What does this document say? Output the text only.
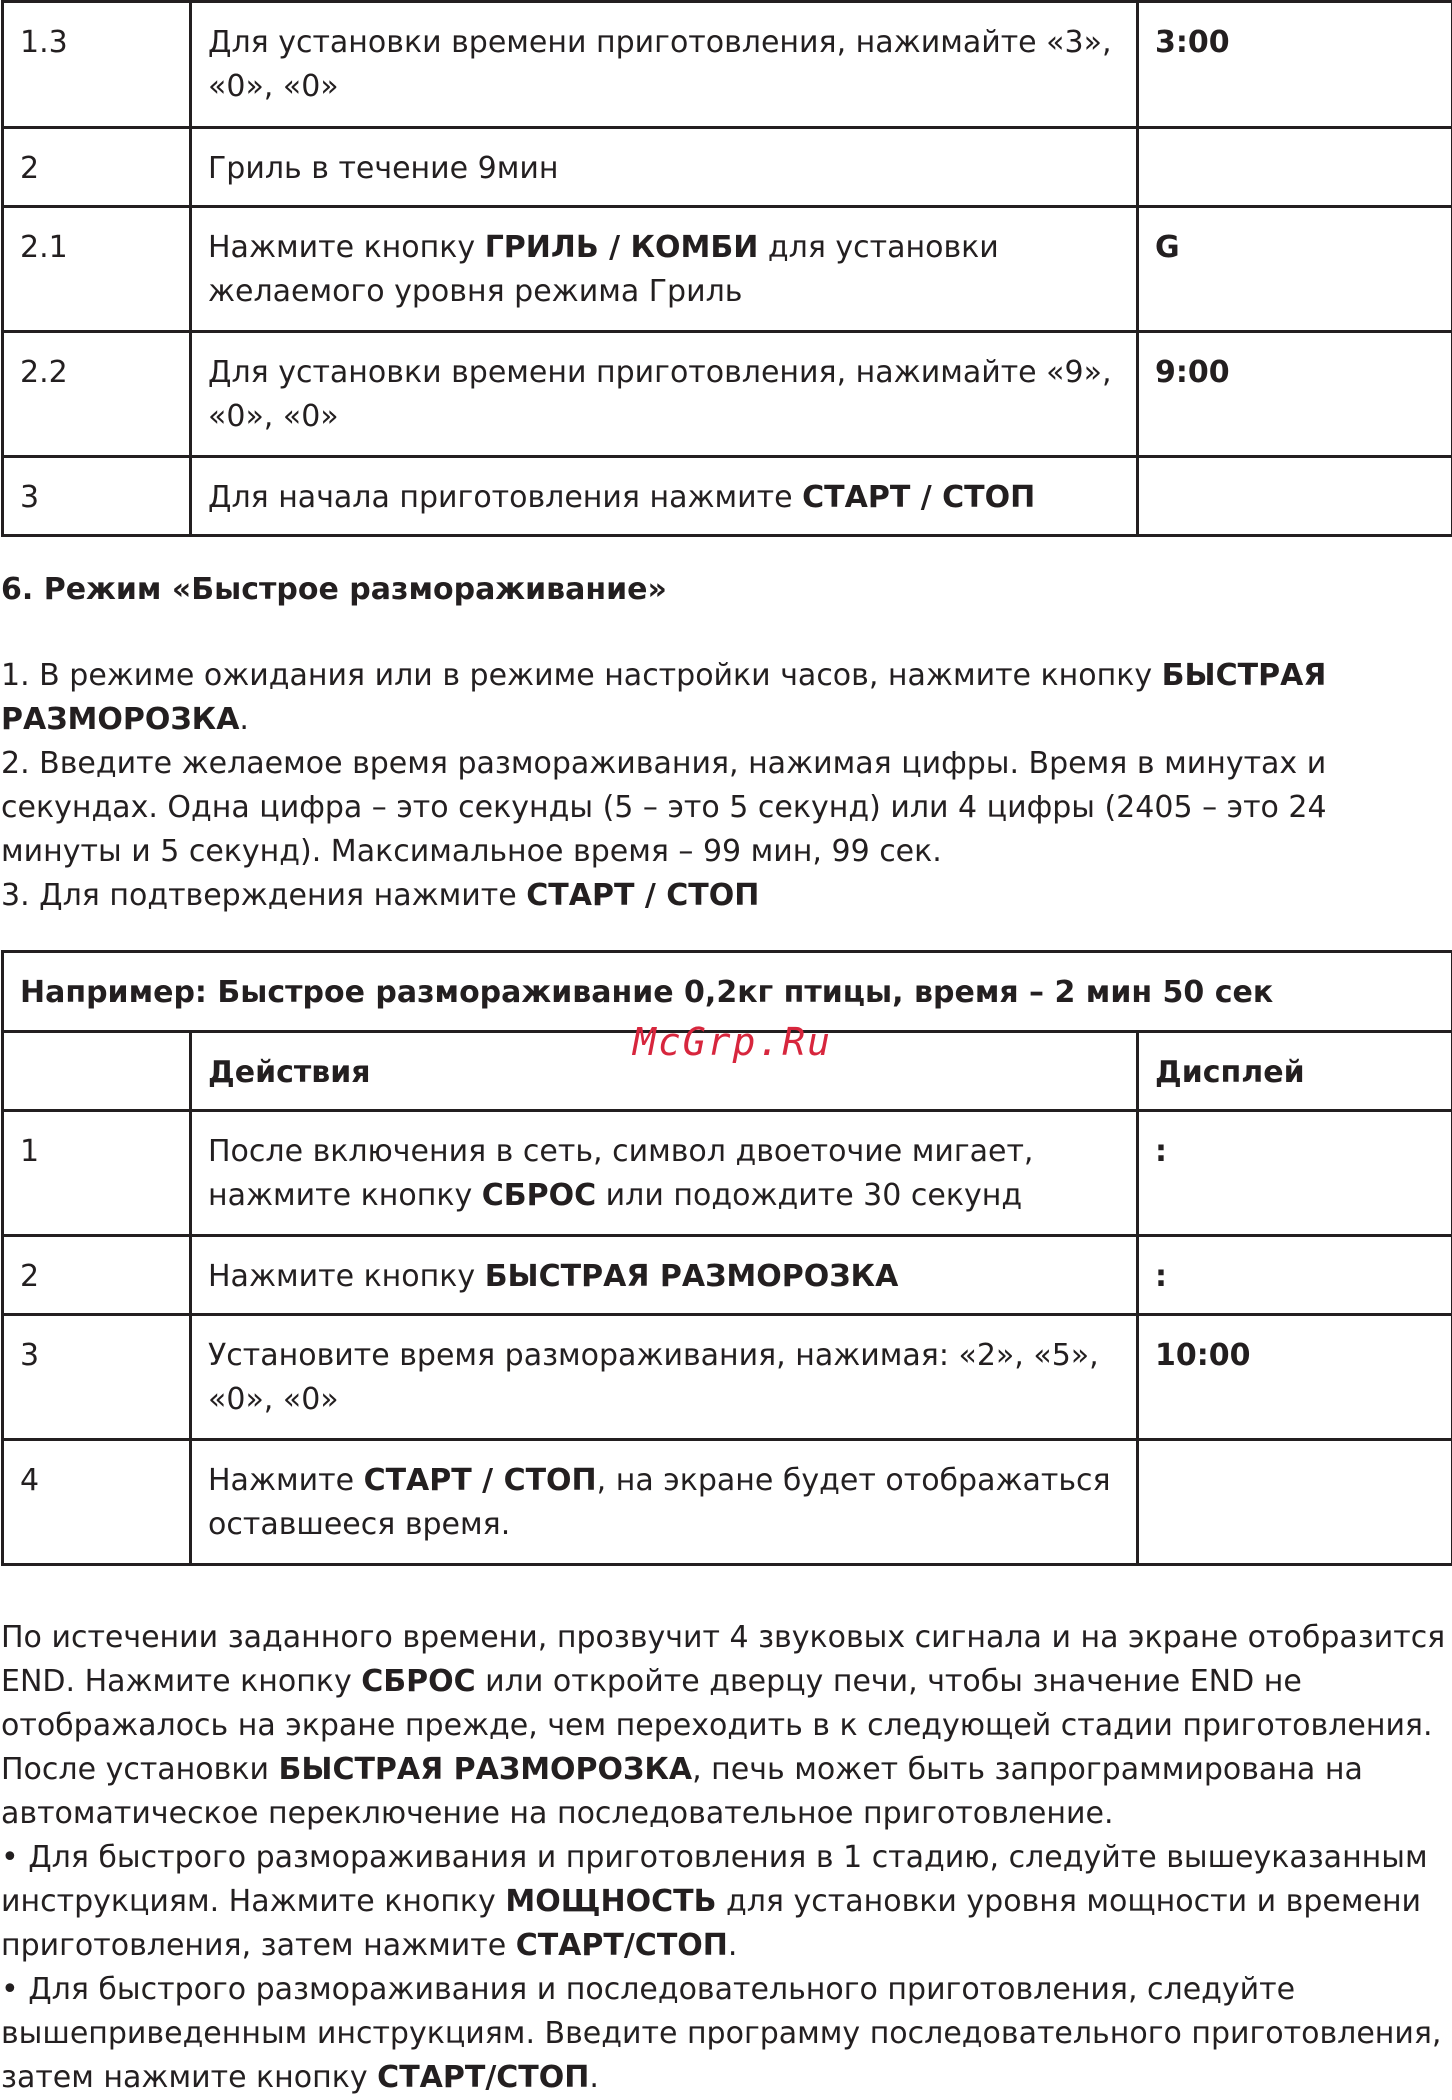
1.3	Для установки времени приготовления, нажимайте «3», «0», «0»	3:00
2	Гриль в течение 9мин	
2.1	Нажмите кнопку ГРИЛЬ / КОМБИ для установки желаемого уровня режима Гриль	G
2.2	Для установки времени приготовления, нажимайте «9», «0», «0»	9:00
3	Для начала приготовления нажмите СТАРТ / СТОП	
6. Режим «Быстрое размораживание»

1. В режиме ожидания или в режиме настройки часов, нажмите кнопку БЫСТРАЯ РАЗМОРОЗКА.

2. Введите желаемое время размораживания, нажимая цифры. Время в минутах и секундах. Одна цифра – это секунды (5 – это 5 секунд) или 4 цифры (2405 – это 24 минуты и 5 секунд). Максимальное время – 99 мин, 99 сек.

3. Для подтверждения нажмите СТАРТ / СТОП

Например: Быстрое размораживание 0,2кг птицы, время – 2 мин 50 сек		
	Действия	Дисплей
1	После включения в сеть, символ двоеточие мигает, нажмите кнопку СБРОС или подождите 30 секунд	:
2	Нажмите кнопку БЫСТРАЯ РАЗМОРОЗКА	:
3	Установите время размораживания, нажимая: «2», «5», «0», «0»	10:00
4	Нажмите СТАРТ / СТОП, на экране будет отображаться оставшееся время.	
McGrp.Ru

По истечении заданного времени, прозвучит 4 звуковых сигнала и на экране отобразится END. Нажмите кнопку СБРОС или откройте дверцу печи, чтобы значение END не отображалось на экране прежде, чем переходить в к следующей стадии приготовления.

После установки БЫСТРАЯ РАЗМОРОЗКА, печь может быть запрограммирована на автоматическое переключение на последовательное приготовление.

• Для быстрого размораживания и приготовления в 1 стадию, следуйте вышеуказанным инструкциям. Нажмите кнопку МОЩНОСТЬ для установки уровня мощности и времени приготовления, затем нажмите СТАРТ/СТОП.

• Для быстрого размораживания и последовательного приготовления, следуйте вышеприведенным инструкциям. Введите программу последовательного приготовления, затем нажмите кнопку СТАРТ/СТОП.
